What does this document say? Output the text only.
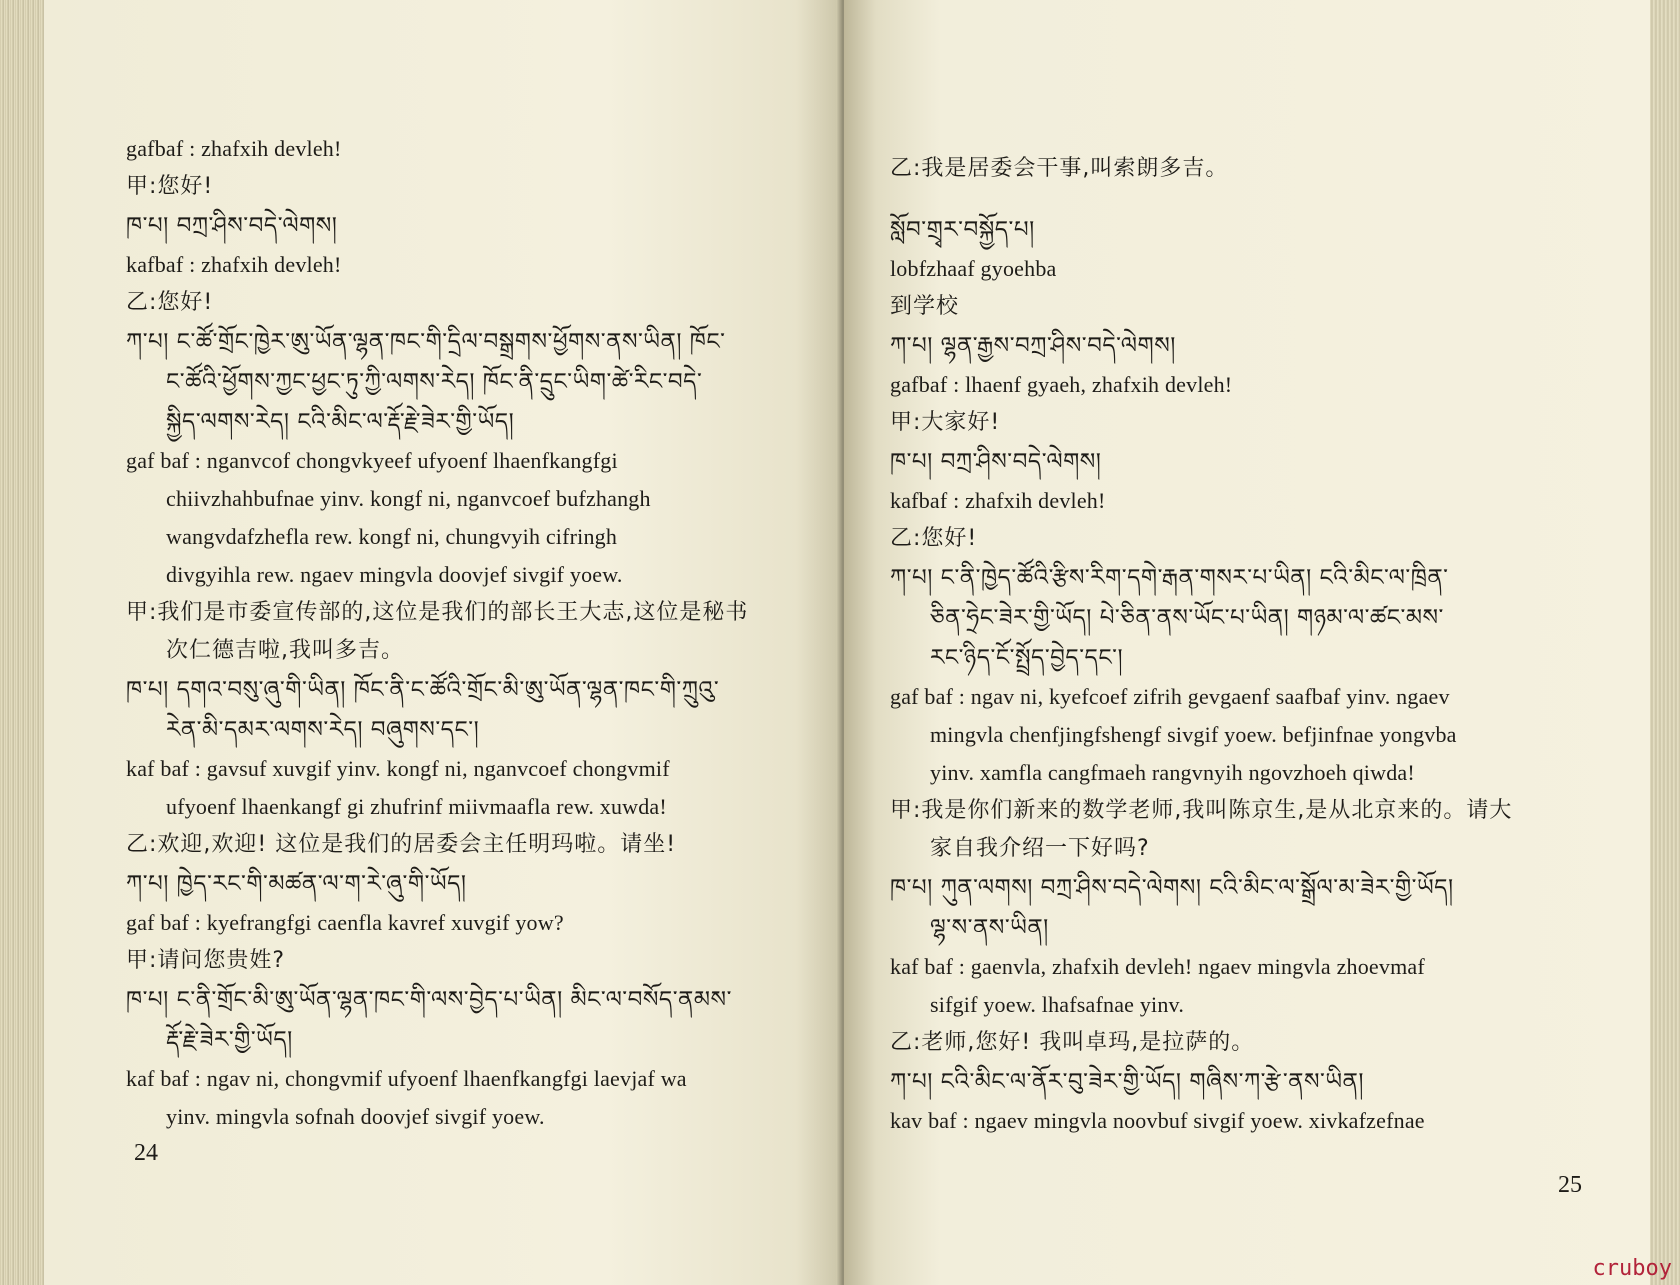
gafbaf : zhafxih devleh!
甲:您好!
ཁ་པ། བཀྲ་ཤིས་བདེ་ལེགས།
kafbaf : zhafxih devleh!
乙:您好!
ཀ་པ། ང་ཚོ་གྲོང་ཁྱེར་ཨུ་ཡོན་ལྷན་ཁང་གི་དྲིལ་བསྒྲགས་ཕྱོགས་ནས་ཡིན། ཁོང་
ང་ཚོའི་ཕྱོགས་ཀྱང་ཕྱང་ཏུ་ཀྱི་ལགས་རེད། ཁོང་ནི་དྲུང་ཡིག་ཚེ་རིང་བདེ་
སྐྱིད་ལགས་རེད། ངའི་མིང་ལ་རྡོ་རྗེ་ཟེར་གྱི་ཡོད།
gaf baf : nganvcof chongvkyeef ufyoenf lhaenfkangfgi
chiivzhahbufnae yinv. kongf ni, nganvcoef bufzhangh
wangvdafzhefla rew. kongf ni, chungvyih cifringh
divgyihla rew. ngaev mingvla doovjef sivgif yoew.
甲:我们是市委宣传部的,这位是我们的部长王大志,这位是秘书
次仁德吉啦,我叫多吉。
ཁ་པ། དགའ་བསུ་ཞུ་གི་ཡིན། ཁོང་ནི་ང་ཚོའི་གྲོང་མི་ཨུ་ཡོན་ལྷན་ཁང་གི་ཀྲུའུ་
རེན་མི་དམར་ལགས་རེད། བཞུགས་དང་།
kaf baf : gavsuf xuvgif yinv. kongf ni, nganvcoef chongvmif
ufyoenf lhaenkangf gi zhufrinf miivmaafla rew. xuwda!
乙:欢迎,欢迎! 这位是我们的居委会主任明玛啦。请坐!
ཀ་པ། ཁྱེད་རང་གི་མཚན་ལ་ག་རེ་ཞུ་གི་ཡོད།
gaf baf : kyefrangfgi caenfla kavref xuvgif yow?
甲:请问您贵姓?
ཁ་པ། ང་ནི་གྲོང་མི་ཨུ་ཡོན་ལྷན་ཁང་གི་ལས་བྱེད་པ་ཡིན། མིང་ལ་བསོད་ནམས་
རྡོ་རྗེ་ཟེར་གྱི་ཡོད།
kaf baf : ngav ni, chongvmif ufyoenf lhaenfkangfgi laevjaf wa
yinv. mingvla sofnah doovjef sivgif yoew.
24
乙:我是居委会干事,叫索朗多吉。
སློབ་གྲྭར་བསྐྱོད་པ།
lobfzhaaf gyoehba
到学校
ཀ་པ། ལྷན་རྒྱས་བཀྲ་ཤིས་བདེ་ལེགས།
gafbaf : lhaenf gyaeh, zhafxih devleh!
甲:大家好!
ཁ་པ། བཀྲ་ཤིས་བདེ་ལེགས།
kafbaf : zhafxih devleh!
乙:您好!
ཀ་པ། ང་ནི་ཁྱེད་ཚོའི་རྩིས་རིག་དགེ་རྒན་གསར་པ་ཡིན། ངའི་མིང་ལ་ཁྲིན་
ཅིན་ཧྲེང་ཟེར་གྱི་ཡོད། པེ་ཅིན་ནས་ཡོང་པ་ཡིན། གཉམ་ལ་ཚང་མས་
རང་ཉིད་ངོ་སྤྲོད་བྱེད་དང་།
gaf baf : ngav ni, kyefcoef zifrih gevgaenf saafbaf yinv. ngaev
mingvla chenfjingfshengf sivgif yoew. befjinfnae yongvba
yinv. xamfla cangfmaeh rangvnyih ngovzhoeh qiwda!
甲:我是你们新来的数学老师,我叫陈京生,是从北京来的。请大
家自我介绍一下好吗?
ཁ་པ། ཀུན་ལགས། བཀྲ་ཤིས་བདེ་ལེགས། ངའི་མིང་ལ་སྒྲོལ་མ་ཟེར་གྱི་ཡོད།
ལྷ་ས་ནས་ཡིན།
kaf baf : gaenvla, zhafxih devleh! ngaev mingvla zhoevmaf
sifgif yoew. lhafsafnae yinv.
乙:老师,您好! 我叫卓玛,是拉萨的。
ཀ་པ། ངའི་མིང་ལ་ནོར་བུ་ཟེར་གྱི་ཡོད། གཞིས་ཀ་རྩེ་ནས་ཡིན།
kav baf : ngaev mingvla noovbuf sivgif yoew. xivkafzefnae
25
cruboy
